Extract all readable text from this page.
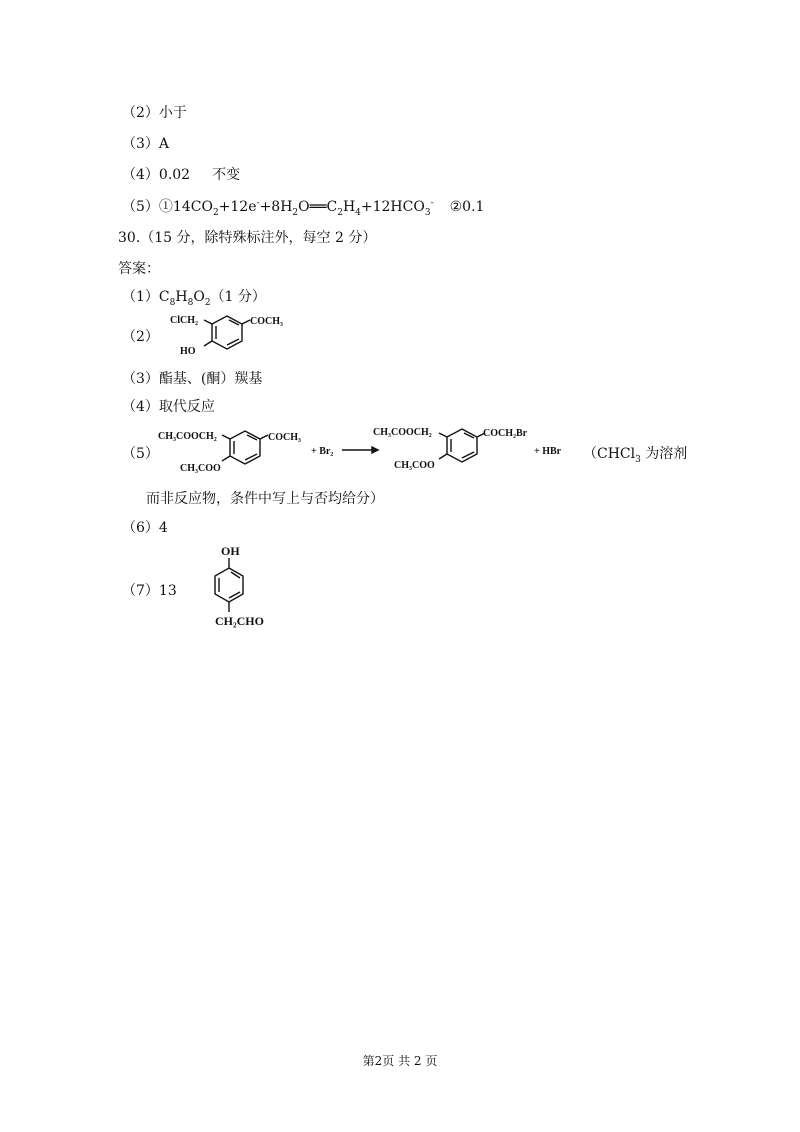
（2）小于
（3）A
（4）0.02 不变
$(5)①14CO_2+12e^-+8H_2O══C_2H_4+12HCO_3^-$ ②0.1
30.（15 分，除特殊标注外，每空 2 分）
答案：
$(1)C_8H_8O_2(1$ 分）
（2）
ClCH₂	COCH₃
HO
（3）酯基、(酮）羰基
（4）取代反应
（5）
CH₃COOCH₂	COCH₃
CH₃COO
+ Br₂
CH₃COOCH₂	COCH₂Br
CH₃COO
+ HBr （CHCl$_3$ 为溶剂
而非反应物，条件中写上与否均给分）
（6）4
（7）13
OH
CH₂CHO
第2页 共 2 页
